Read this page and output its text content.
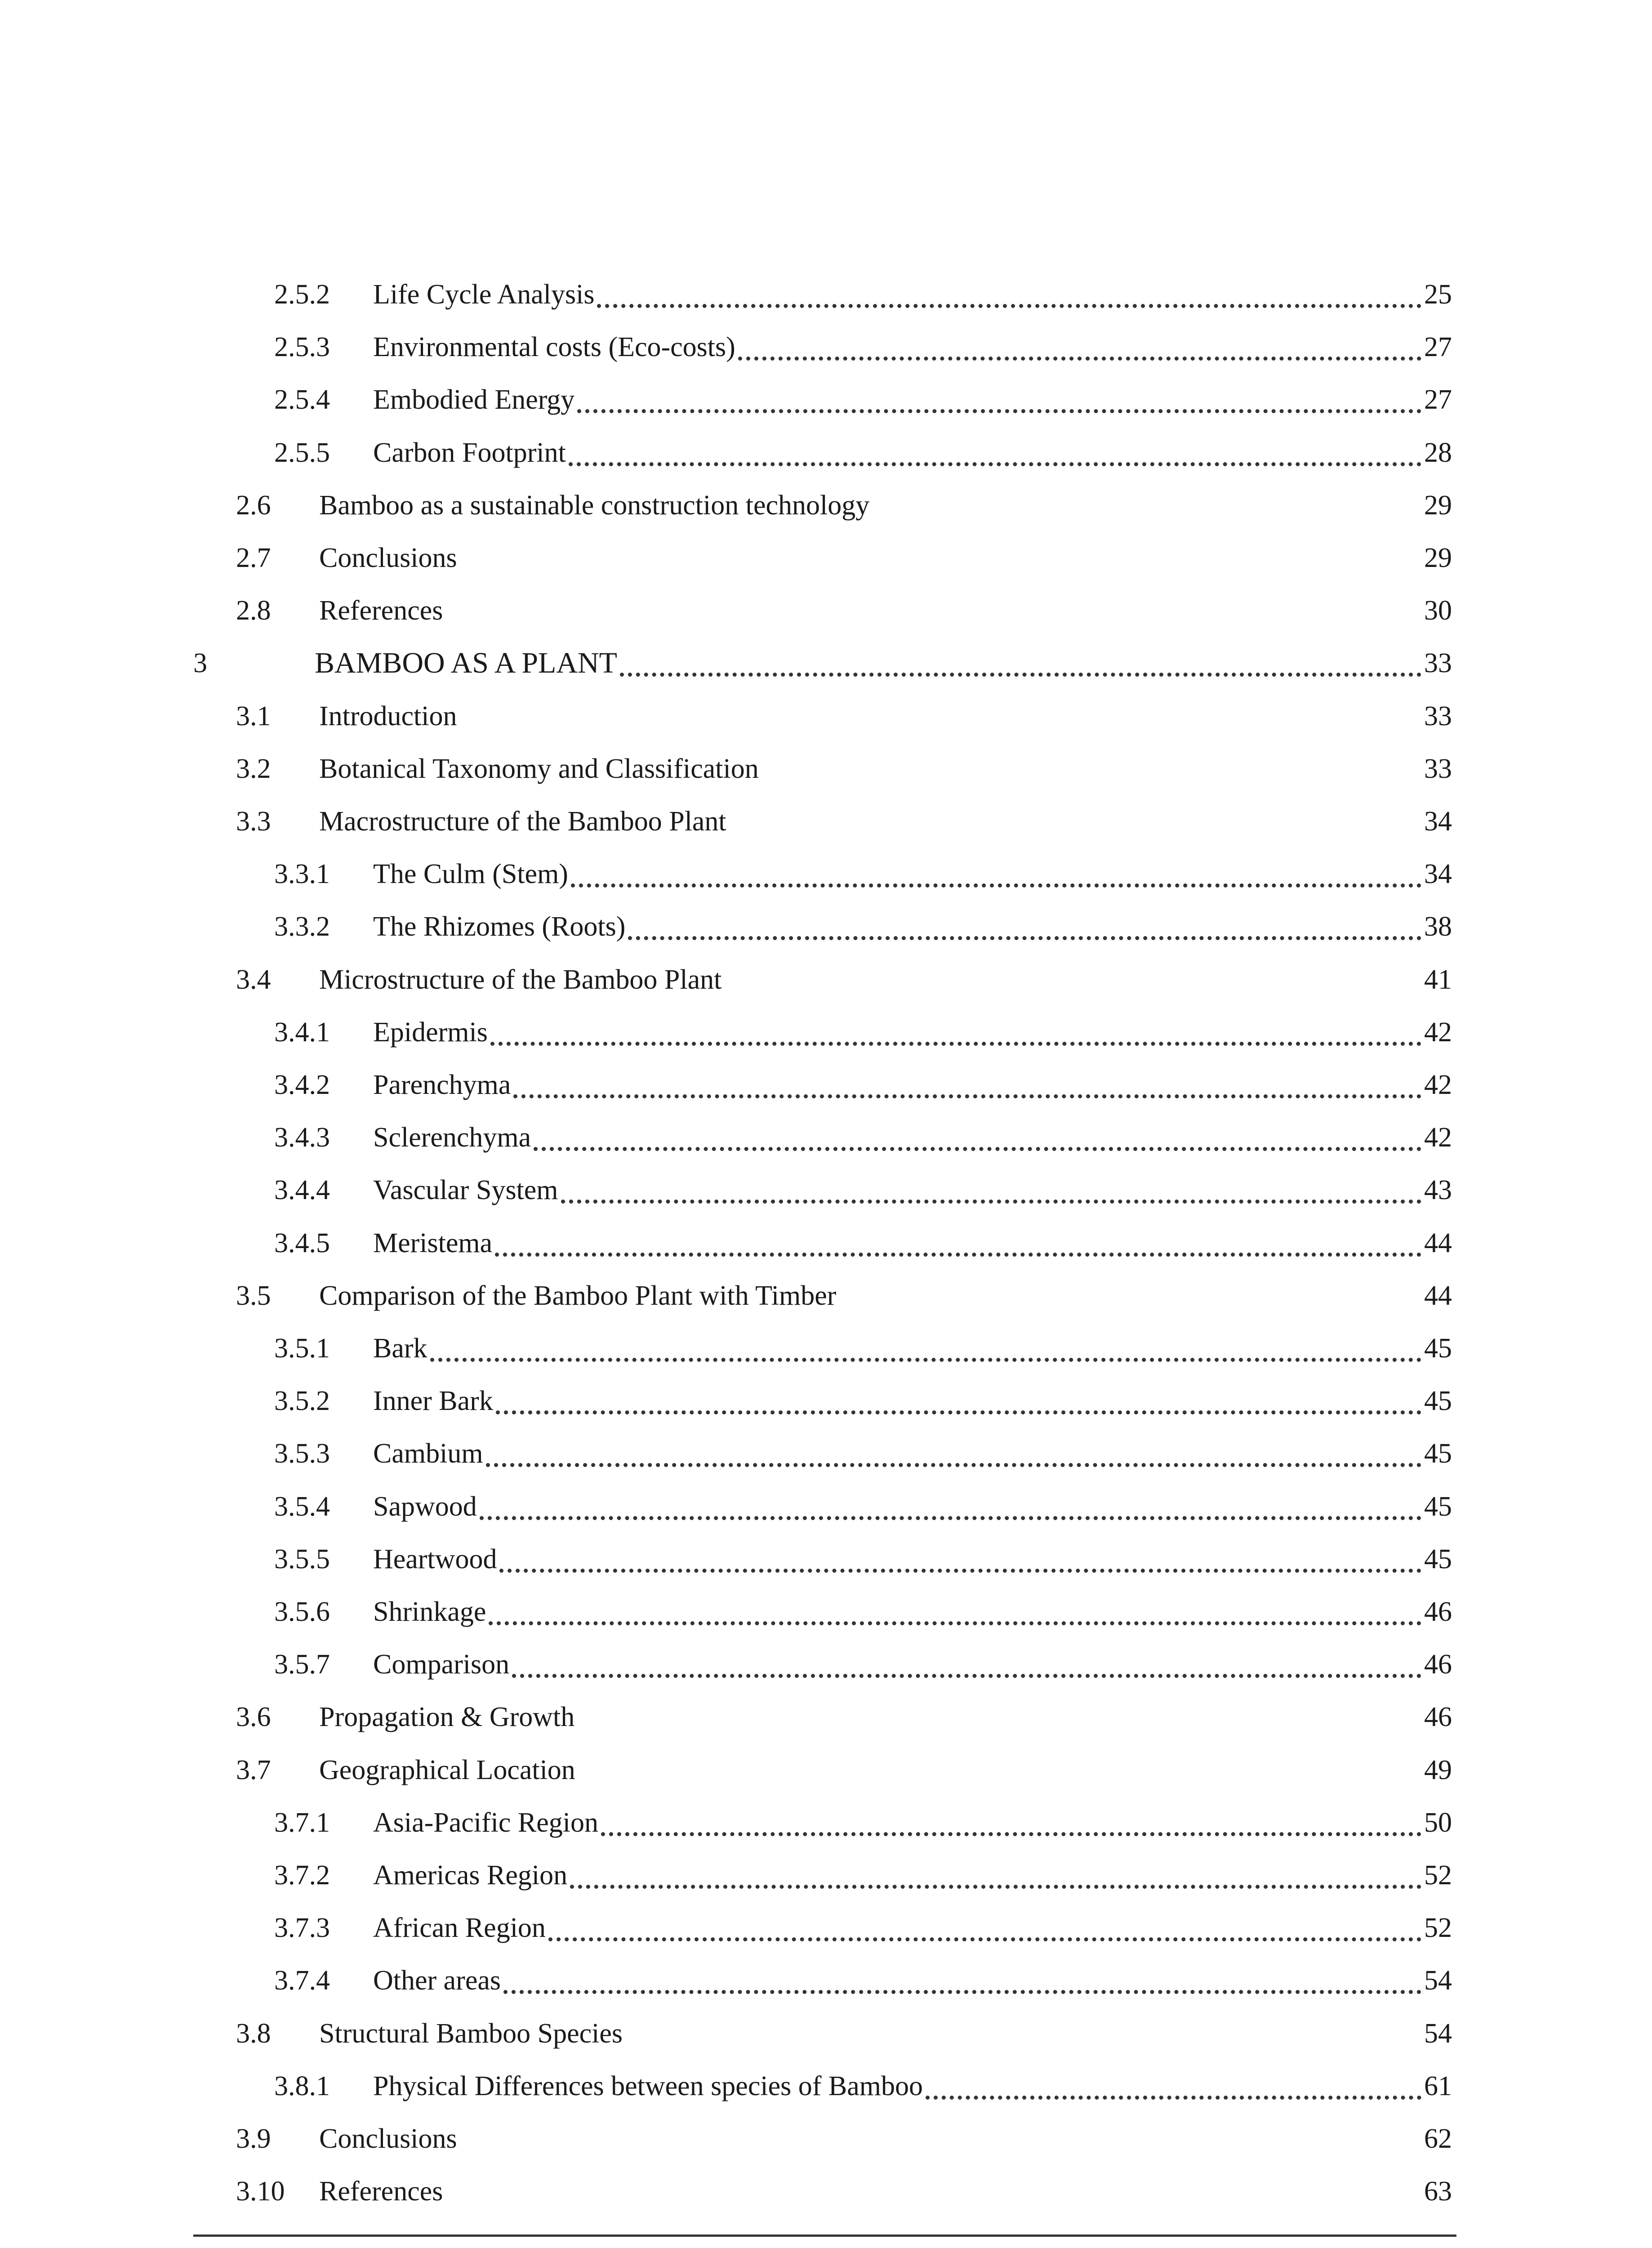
2.5.2	Life Cycle Analysis	25
2.5.3	Environmental costs (Eco-costs)	27
2.5.4	Embodied Energy	27
2.5.5	Carbon Footprint	28
2.6	Bamboo as a sustainable construction technology	29
2.7	Conclusions	29
2.8	References	30
3	BAMBOO AS A PLANT	33
3.1	Introduction	33
3.2	Botanical Taxonomy and Classification	33
3.3	Macrostructure of the Bamboo Plant	34
3.3.1	The Culm (Stem)	34
3.3.2	The Rhizomes (Roots)	38
3.4	Microstructure of the Bamboo Plant	41
3.4.1	Epidermis	42
3.4.2	Parenchyma	42
3.4.3	Sclerenchyma	42
3.4.4	Vascular System	43
3.4.5	Meristema	44
3.5	Comparison of the Bamboo Plant with Timber	44
3.5.1	Bark	45
3.5.2	Inner Bark	45
3.5.3	Cambium	45
3.5.4	Sapwood	45
3.5.5	Heartwood	45
3.5.6	Shrinkage	46
3.5.7	Comparison	46
3.6	Propagation & Growth	46
3.7	Geographical Location	49
3.7.1	Asia-Pacific Region	50
3.7.2	Americas Region	52
3.7.3	African Region	52
3.7.4	Other areas	54
3.8	Structural Bamboo Species	54
3.8.1	Physical Differences between species of Bamboo	61
3.9	Conclusions	62
3.10	References	63
